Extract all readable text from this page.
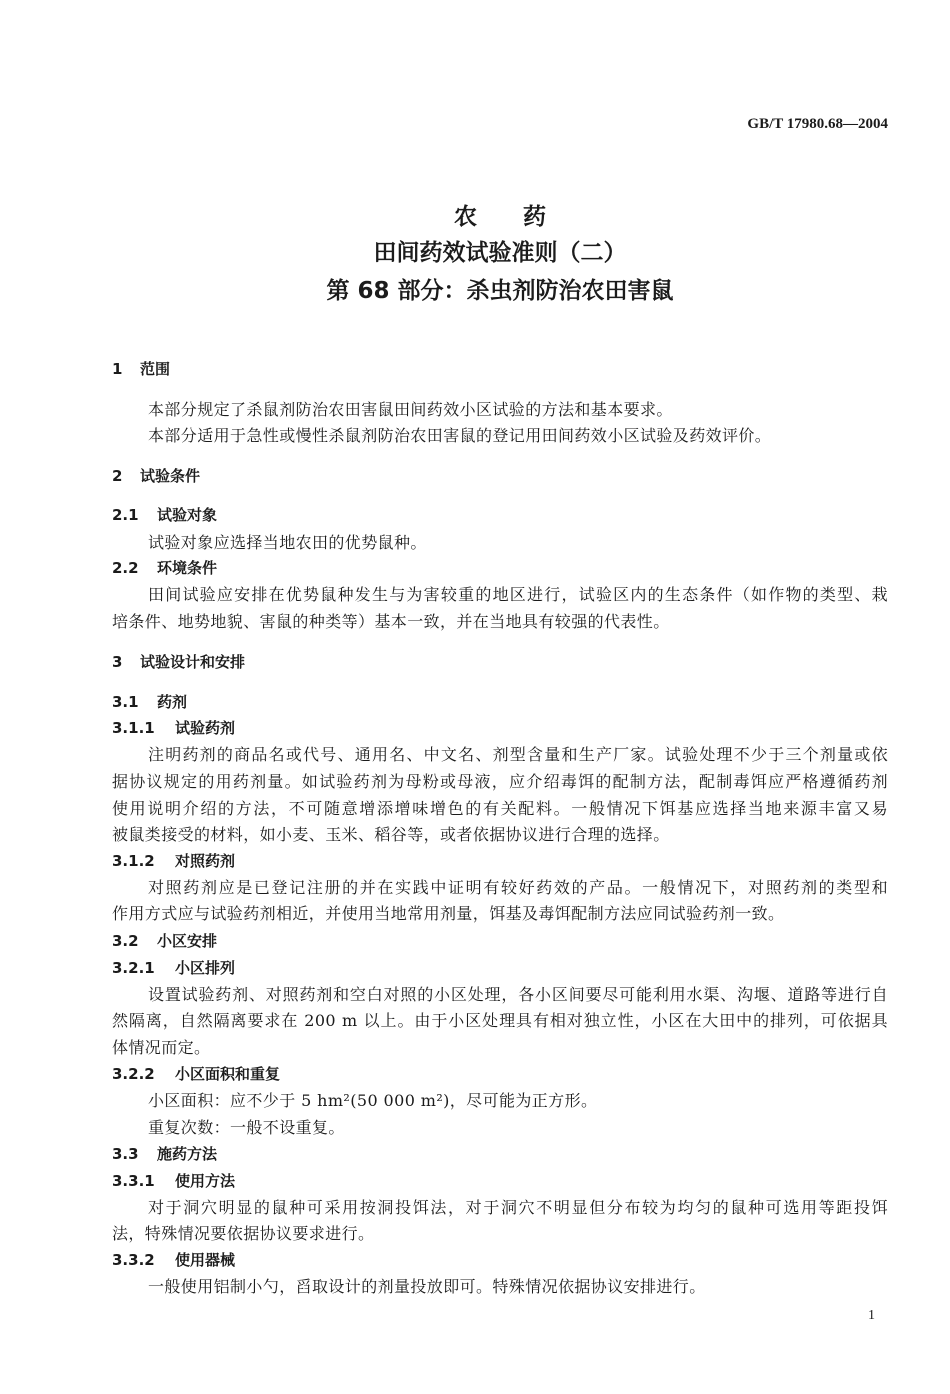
GB/T 17980.68—2004
农　　药
田间药效试验准则（二）
第 68 部分：杀虫剂防治农田害鼠
1 范围
本部分规定了杀鼠剂防治农田害鼠田间药效小区试验的方法和基本要求。
本部分适用于急性或慢性杀鼠剂防治农田害鼠的登记用田间药效小区试验及药效评价。
2 试验条件
2.1 试验对象
试验对象应选择当地农田的优势鼠种。
2.2 环境条件
田间试验应安排在优势鼠种发生与为害较重的地区进行，试验区内的生态条件（如作物的类型、栽
培条件、地势地貌、害鼠的种类等）基本一致，并在当地具有较强的代表性。
3 试验设计和安排
3.1 药剂
3.1.1 试验药剂
注明药剂的商品名或代号、通用名、中文名、剂型含量和生产厂家。试验处理不少于三个剂量或依
据协议规定的用药剂量。如试验药剂为母粉或母液，应介绍毒饵的配制方法，配制毒饵应严格遵循药剂
使用说明介绍的方法，不可随意增添增味增色的有关配料。一般情况下饵基应选择当地来源丰富又易
被鼠类接受的材料，如小麦、玉米、稻谷等，或者依据协议进行合理的选择。
3.1.2 对照药剂
对照药剂应是已登记注册的并在实践中证明有较好药效的产品。一般情况下，对照药剂的类型和
作用方式应与试验药剂相近，并使用当地常用剂量，饵基及毒饵配制方法应同试验药剂一致。
3.2 小区安排
3.2.1 小区排列
设置试验药剂、对照药剂和空白对照的小区处理，各小区间要尽可能利用水渠、沟堰、道路等进行自
然隔离，自然隔离要求在 200 m 以上。由于小区处理具有相对独立性，小区在大田中的排列，可依据具
体情况而定。
3.2.2 小区面积和重复
小区面积：应不少于 5 hm²(50 000 m²)，尽可能为正方形。
重复次数：一般不设重复。
3.3 施药方法
3.3.1 使用方法
对于洞穴明显的鼠种可采用按洞投饵法，对于洞穴不明显但分布较为均匀的鼠种可选用等距投饵
法，特殊情况要依据协议要求进行。
3.3.2 使用器械
一般使用铝制小勺，舀取设计的剂量投放即可。特殊情况依据协议安排进行。
1
